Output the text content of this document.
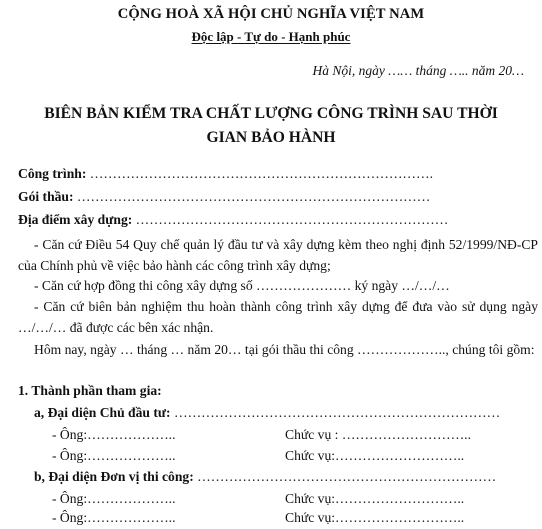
CỘNG HOÀ XÃ HỘI CHỦ NGHĨA VIỆT NAM
Độc lập - Tự do - Hạnh phúc
Hà Nội, ngày …… tháng ….. năm 20…
BIÊN BẢN KIỂM TRA CHẤT LƯỢNG CÔNG TRÌNH SAU THỜI
GIAN BẢO HÀNH
Công trình: ………………………………………………………………….
Gói thầu: ……………………………………………………………………
Địa điểm xây dựng: ……………………………………………………………
- Căn cứ Điều 54 Quy chế quản lý đầu tư và xây dựng kèm theo nghị định 52/1999/NĐ-CP của Chính phủ về việc bảo hành các công trình xây dựng;
- Căn cứ hợp đồng thi công xây dựng số ………………… ký ngày …/…/…
- Căn cứ biên bản nghiệm thu hoàn thành công trình xây dựng để đưa vào sử dụng ngày …/…/… đã được các bên xác nhận.
Hôm nay, ngày … tháng … năm 20… tại gói thầu thi công ……………….., chúng tôi gồm:
1. Thành phần tham gia:
a, Đại diện Chủ đầu tư: ………………………………………………………………
- Ông:………………..	Chức vụ : ………………………..
- Ông:………………..	Chức vụ:………………………..
b, Đại diện Đơn vị thi công: …………………………………………………………
- Ông:………………..	Chức vụ:………………………..
- Ông:………………..	Chức vụ:………………………..
